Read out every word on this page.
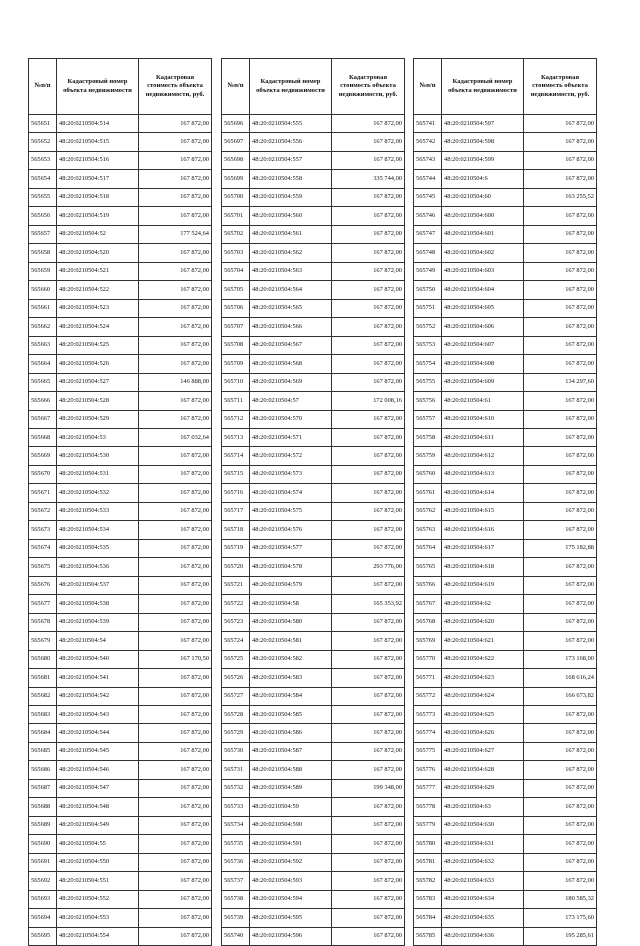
№п/п	Кадастровый номер объекта недвижимости	Кадастровая стоимость объекта недвижимости, руб.
565651	48:20:0210504:514	167 872,00
565652	48:20:0210504:515	167 872,00
565653	48:20:0210504:516	167 872,00
565654	48:20:0210504:517	167 872,00
565655	48:20:0210504:518	167 872,00
565656	48:20:0210504:519	167 872,00
565657	48:20:0210504:52	177 524,64
565658	48:20:0210504:520	167 872,00
565659	48:20:0210504:521	167 872,00
565660	48:20:0210504:522	167 872,00
565661	48:20:0210504:523	167 872,00
565662	48:20:0210504:524	167 872,00
565663	48:20:0210504:525	167 872,00
565664	48:20:0210504:526	167 872,00
565665	48:20:0210504:527	146 888,00
565666	48:20:0210504:528	167 872,00
565667	48:20:0210504:529	167 872,00
565668	48:20:0210504:53	167 032,64
565669	48:20:0210504:530	167 872,00
565670	48:20:0210504:531	167 872,00
565671	48:20:0210504:532	167 872,00
565672	48:20:0210504:533	167 872,00
565673	48:20:0210504:534	167 872,00
565674	48:20:0210504:535	167 872,00
565675	48:20:0210504:536	167 872,00
565676	48:20:0210504:537	167 872,00
565677	48:20:0210504:538	167 872,00
565678	48:20:0210504:539	167 872,00
565679	48:20:0210504:54	167 872,00
565680	48:20:0210504:540	167 170,50
565681	48:20:0210504:541	167 872,00
565682	48:20:0210504:542	167 872,00
565683	48:20:0210504:543	167 872,00
565684	48:20:0210504:544	167 872,00
565685	48:20:0210504:545	167 872,00
565686	48:20:0210504:546	167 872,00
565687	48:20:0210504:547	167 872,00
565688	48:20:0210504:548	167 872,00
565689	48:20:0210504:549	167 872,00
565690	48:20:0210504:55	167 872,00
565691	48:20:0210504:550	167 872,00
565692	48:20:0210504:551	167 872,00
565693	48:20:0210504:552	167 872,00
565694	48:20:0210504:553	167 872,00
565695	48:20:0210504:554	167 872,00
№п/п	Кадастровый номер объекта недвижимости	Кадастровая стоимость объекта недвижимости, руб.
565696	48:20:0210504:555	167 872,00
565697	48:20:0210504:556	167 872,00
565698	48:20:0210504:557	167 872,00
565699	48:20:0210504:558	335 744,00
565700	48:20:0210504:559	167 872,00
565701	48:20:0210504:560	167 872,00
565702	48:20:0210504:561	167 872,00
565703	48:20:0210504:562	167 872,00
565704	48:20:0210504:563	167 872,00
565705	48:20:0210504:564	167 872,00
565706	48:20:0210504:565	167 872,00
565707	48:20:0210504:566	167 872,00
565708	48:20:0210504:567	167 872,00
565709	48:20:0210504:568	167 872,00
565710	48:20:0210504:569	167 872,00
565711	48:20:0210504:57	172 008,16
565712	48:20:0210504:570	167 872,00
565713	48:20:0210504:571	167 872,00
565714	48:20:0210504:572	167 872,00
565715	48:20:0210504:573	167 872,00
565716	48:20:0210504:574	167 872,00
565717	48:20:0210504:575	167 872,00
565718	48:20:0210504:576	167 872,00
565719	48:20:0210504:577	167 872,00
565720	48:20:0210504:578	293 776,00
565721	48:20:0210504:579	167 872,00
565722	48:20:0210504:58	165 353,92
565723	48:20:0210504:580	167 872,00
565724	48:20:0210504:581	167 872,00
565725	48:20:0210504:582	167 872,00
565726	48:20:0210504:583	167 872,00
565727	48:20:0210504:584	167 872,00
565728	48:20:0210504:585	167 872,00
565729	48:20:0210504:586	167 872,00
565730	48:20:0210504:587	167 872,00
565731	48:20:0210504:588	167 872,00
565732	48:20:0210504:589	199 348,00
565733	48:20:0210504:59	167 872,00
565734	48:20:0210504:590	167 872,00
565735	48:20:0210504:591	167 872,00
565736	48:20:0210504:592	167 872,00
565737	48:20:0210504:593	167 872,00
565738	48:20:0210504:594	167 872,00
565739	48:20:0210504:595	167 872,00
565740	48:20:0210504:596	167 872,00
№п/п	Кадастровый номер объекта недвижимости	Кадастровая стоимость объекта недвижимости, руб.
565741	48:20:0210504:597	167 872,00
565742	48:20:0210504:598	167 872,00
565743	48:20:0210504:599	167 872,00
565744	48:20:0210504:6	167 872,00
565745	48:20:0210504:60	163 255,52
565746	48:20:0210504:600	167 872,00
565747	48:20:0210504:601	167 872,00
565748	48:20:0210504:602	167 872,00
565749	48:20:0210504:603	167 872,00
565750	48:20:0210504:604	167 872,00
565751	48:20:0210504:605	167 872,00
565752	48:20:0210504:606	167 872,00
565753	48:20:0210504:607	167 872,00
565754	48:20:0210504:608	167 872,00
565755	48:20:0210504:609	134 297,60
565756	48:20:0210504:61	167 872,00
565757	48:20:0210504:610	167 872,00
565758	48:20:0210504:611	167 872,00
565759	48:20:0210504:612	167 872,00
565760	48:20:0210504:613	167 872,00
565761	48:20:0210504:614	167 872,00
565762	48:20:0210504:615	167 872,00
565763	48:20:0210504:616	167 872,00
565764	48:20:0210504:617	175 182,88
565765	48:20:0210504:618	167 872,00
565766	48:20:0210504:619	167 872,00
565767	48:20:0210504:62	167 872,00
565768	48:20:0210504:620	167 872,00
565769	48:20:0210504:621	167 872,00
565770	48:20:0210504:622	173 168,00
565771	48:20:0210504:623	168 616,24
565772	48:20:0210504:624	166 673,82
565773	48:20:0210504:625	167 872,00
565774	48:20:0210504:626	167 872,00
565775	48:20:0210504:627	167 872,00
565776	48:20:0210504:628	167 872,00
565777	48:20:0210504:629	167 872,00
565778	48:20:0210504:63	167 872,00
565779	48:20:0210504:630	167 872,00
565780	48:20:0210504:631	167 872,00
565781	48:20:0210504:632	167 872,00
565782	48:20:0210504:633	167 872,00
565783	48:20:0210504:634	180 585,32
565784	48:20:0210504:635	173 175,60
565785	48:20:0210504:636	195 285,61
